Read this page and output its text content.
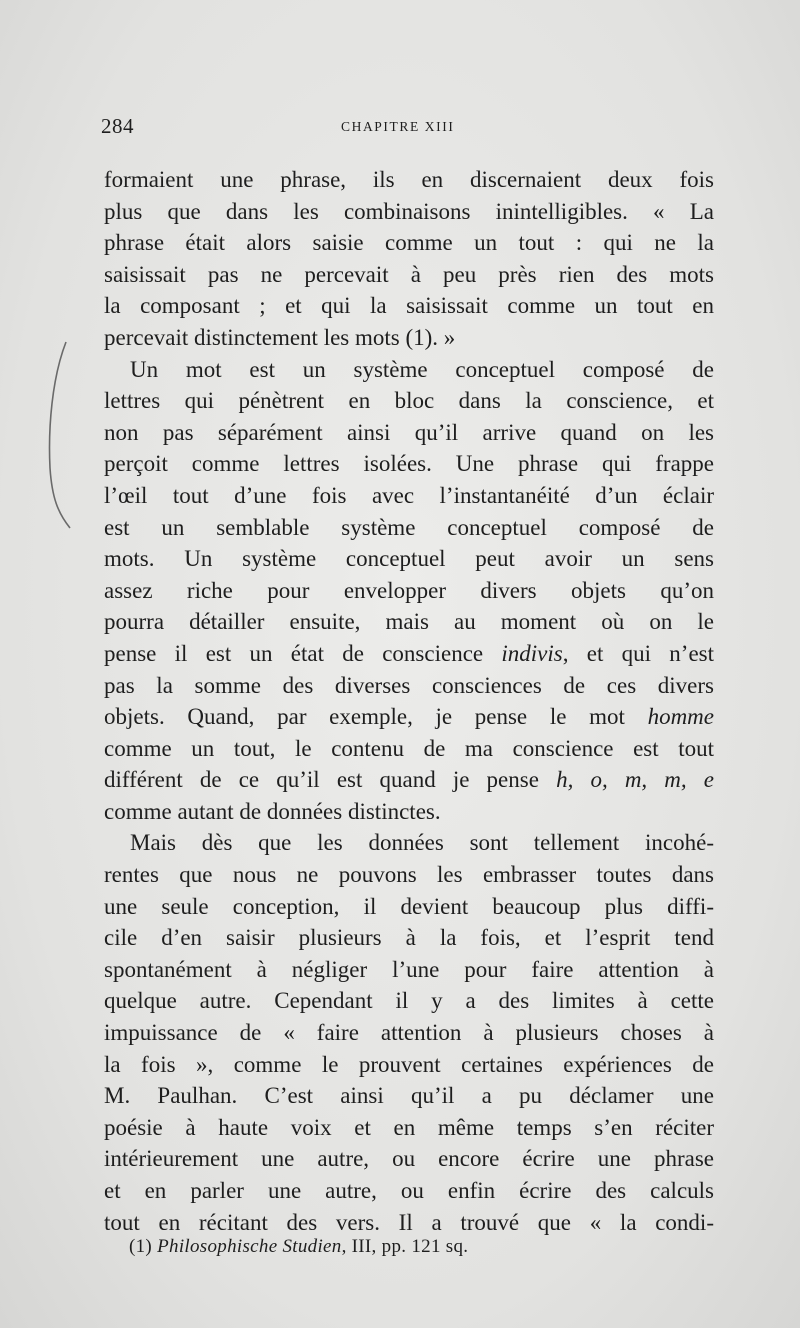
284	CHAPITRE XIII
formaient une phrase, ils en discernaient deux fois
plus que dans les combinaisons inintelligibles. « La
phrase était alors saisie comme un tout : qui ne la
saisissait pas ne percevait à peu près rien des mots
la composant ; et qui la saisissait comme un tout en
percevait distinctement les mots (1). »
Un mot est un système conceptuel composé de
lettres qui pénètrent en bloc dans la conscience, et
non pas séparément ainsi qu’il arrive quand on les
perçoit comme lettres isolées. Une phrase qui frappe
l’œil tout d’une fois avec l’instantanéité d’un éclair
est un semblable système conceptuel composé de
mots. Un système conceptuel peut avoir un sens
assez riche pour envelopper divers objets qu’on
pourra détailler ensuite, mais au moment où on le
pense il est un état de conscience indivis, et qui n’est
pas la somme des diverses consciences de ces divers
objets. Quand, par exemple, je pense le mot homme
comme un tout, le contenu de ma conscience est tout
différent de ce qu’il est quand je pense h, o, m, m, e
comme autant de données distinctes.
Mais dès que les données sont tellement incohé-
rentes que nous ne pouvons les embrasser toutes dans
une seule conception, il devient beaucoup plus diffi-
cile d’en saisir plusieurs à la fois, et l’esprit tend
spontanément à négliger l’une pour faire attention à
quelque autre. Cependant il y a des limites à cette
impuissance de « faire attention à plusieurs choses à
la fois », comme le prouvent certaines expériences de
M. Paulhan. C’est ainsi qu’il a pu déclamer une
poésie à haute voix et en même temps s’en réciter
intérieurement une autre, ou encore écrire une phrase
et en parler une autre, ou enfin écrire des calculs
tout en récitant des vers. Il a trouvé que « la condi-
(1) Philosophische Studien, III, pp. 121 sq.
